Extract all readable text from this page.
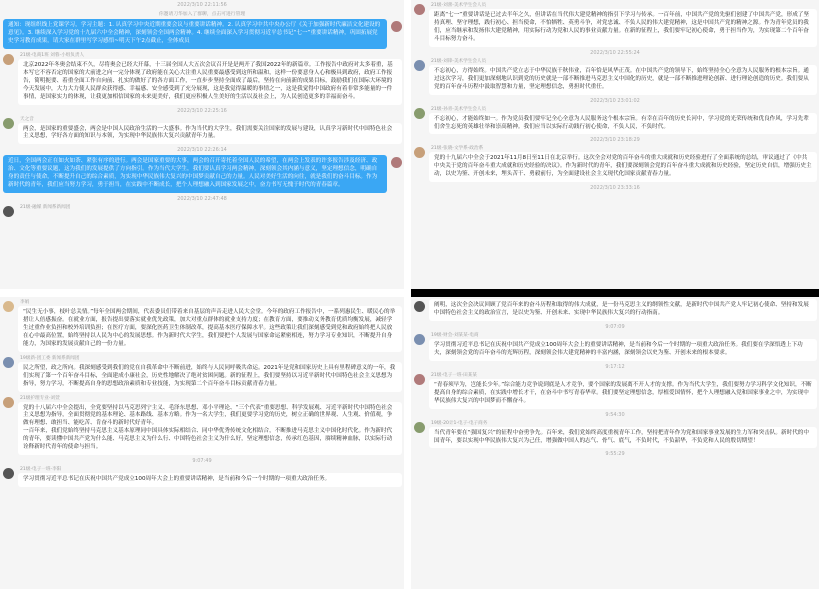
2022/3/10 22:11:56
你邀请刀华加入了群聊，点击可进行管理
通知：现组织线上党课学习，学习主题：1. 认真学习中央近期重要会议与重要讲话精神。2. 认真学习中共中央办公厅《关于加强新时代廉洁文化建设的意见》。3. 继续深入学习党的十九届六中全会精神，深刻领会全国两会精神。4. 继续全面深入学习贯彻习近平总书记“七一”重要讲话精神，巩固拓展党史学习教育成果，请大家在群里写学习感悟~明天下午2点截止，全体成员
21级-电商1班 刘蓉-小组负责人
北京2022年冬奥会结束不久，尽将奥会已经大开幕，十三届全国人大五次会议召开是是两开了我国2022年的新篇章。工作报告中政府对太多着重，基本写它不容否定的国家的大前进之向一完分体现了政府能在关心大注重人民重要最感受到这所和温和，这样一份要意身人心和极具到政府，政府工作报告，简明扼要、着重全面工作自向前、扎实的做好了的各方面工作，一直步步坚持全面成了最后，坚持在向前新的成果目标，鼓励我们在国际大环境的今天发展中，大力大力使人民群众获得感、幸福感、安全感受到了充分展现，这是我觉得温暖的事情之一，这是我觉得中国政府有着非常多能量的一件事情，是国家实力的体现，让我更加相信国家的未来更美好，我们更应积极人生美好的生活以及社会上，为人民创造更多的幸福而奋斗。
2022/3/10 22:25:16
天之音
两会，是国家的重要盛会，两会是中国人民政治生活的一大盛事。作为当代的大学生，我们需要关注国家的发展与建设，认真学习新时代中国特色社会主义思想，学好各方面的知识与本领，为实现中华民族伟大复兴贡献青年力量。
2022/3/10 22:26:14
近日，全国两会正在如火如荼、紧张有序的进行。两会是国家重要的大事，两会的召开寄托着全国人民的希望，在两会上发表的许多报告涉及经济、政治、文化等重要议题，这为我们的发展提供了方向指引。作为当代大学生，我们要认真学习两会精神，深刻领会其内涵与意义，坚定理想信念，明确自身的责任与使命，不断提升自己的综合素质，为实现中华民族伟大复兴的中国梦贡献自己的力量。人民对美好生活的向往，就是我们的奋斗目标。作为新时代的青年，我们应当努力学习，勇于担当，在实践中不断成长，把个人理想融入到国家发展之中，奋力书写无愧于时代的青春篇章。
2022/3/10 22:47:48
21级-融媒 新闻系新闻团
李娟
“民生无小事，枝叶总关情。”每年全国两会期间，代表委员们带着来自基层的声音走进人民大会堂。今年的政府工作报告中，一系列惠民生、暖民心的举措让人倍感振奋。在就业方面，报告提出要落实就业优先政策，加大对重点群体的就业支持力度；在教育方面，要推动义务教育优质均衡发展，减轻学生过重作业负担和校外培训负担；在医疗方面，要深化医药卫生体制改革，提高基本医疗保障水平。这些政策让我们深刻感受到党和政府始终把人民放在心中最高位置，始终坚持以人民为中心的发展思想。作为新时代大学生，我们要把个人发展与国家命运紧密相连，努力学习专业知识，不断提升自身能力，为国家的发展贡献自己的一份力量。
19级新-团工委 新闻系新闻团
民之所望，政之所向。我深刻感受到我们的党在自我革命中不断前进，始终与人民同呼吸共命运。2021年是党和国家历史上具有里程碑意义的一年，我们实现了第一个百年奋斗目标，全面建成小康社会，历史性地解决了绝对贫困问题。新的征程上，我们要坚持以习近平新时代中国特色社会主义思想为指导，努力学习，不断提高自身的思想政治素质和专业技能，为实现第二个百年奋斗目标贡献青春力量。
21级护理专业-刘萱
党的十八届六中全会提出，全党要坚持以马克思列宁主义、毛泽东思想、邓小平理论、“三个代表”重要思想、科学发展观、习近平新时代中国特色社会主义思想为指导，全面贯彻党的基本理论、基本路线、基本方略。作为一名大学生，我们更要学习党的历史，树立正确的世界观、人生观、价值观，争做有理想、敢担当、能吃苦、肯奋斗的新时代好青年。
一百年来，我们党始终坚持马克思主义基本原理同中国具体实际相结合、同中华优秀传统文化相结合，不断推进马克思主义中国化时代化。作为新时代的青年，要读懂中国共产党为什么能、马克思主义为什么行、中国特色社会主义为什么好，坚定理想信念，传承红色基因，赓续精神血脉，以实际行动诠释新时代青年的使命与担当。
9:07:49
21级-电子一班-李阳
学习贯彻习近平总书记在庆祝中国共产党成立100周年大会上的重要讲话精神，是当前和今后一个时期的一项重大政治任务。
21级-刘蕾-美术学生会人员
距离“七一”重要讲话是已过去半年之久，但讲话在当代伟大建党精神的指引下学习与传承。一百年前，中国共产党的先驱们创建了中国共产党，形成了坚持真理、坚守理想，践行初心、担当使命，不怕牺牲、英勇斗争，对党忠诚、不负人民的伟大建党精神，这是中国共产党的精神之源。作为青年党员的我们，应当继承和发扬伟大建党精神，用实际行动为党和人民的事业贡献力量。在新的征程上，我们要牢记初心使命，勇于担当作为，为实现第二个百年奋斗目标努力奋斗。
2022/3/10 22:55:24
21级-刘锋-美术学生会人员
不忘初心，方得始终。中国共产党立志于中华民族千秋伟业，百年恰是风华正茂。在中国共产党的领导下，始终坚持全心全意为人民服务的根本宗旨。通过这次学习，我们更加深刻地认识到党的历史就是一部不断推进马克思主义中国化的历史，就是一部不断推进理论创新、进行理论创造的历史。我们要从党的百年奋斗历程中汲取智慧和力量，坚定理想信念，勇担时代重任。
2022/3/10 23:01:02
21级-孙青-美术学生会人员
不忘初心，才能始终如一。作为党员我们要牢记全心全意为人民服务这个根本宗旨。有幸在百年的历史长河中，学习党的光荣传统和优良作风，学习先辈们舍生忘死的英雄壮举和崇高精神。我们应当以实际行动践行初心使命，不负人民，不负时代。
2022/3/10 23:18:29
21级-张晓-文学系-政治系
党的十九届六中全会于2021年11月8日至11日在北京举行。这次全会对党的百年奋斗的重大成就和历史经验进行了全面系统的总结，审议通过了《中共中央关于党的百年奋斗重大成就和历史经验的决议》。作为新时代的青年，我们要深刻领会党的百年奋斗重大成就和历史经验，坚定历史自信，增强历史主动，以史为鉴、开创未来，埋头苦干、勇毅前行，为全面建设社会主义现代化国家贡献青春力量。
2022/3/10 23:33:16
阐明，这次全会决议回顾了党百年来的奋斗历程和取得的伟大成就，是一份马克思主义的纲领性文献，是新时代中国共产党人牢记初心使命、坚持和发展中国特色社会主义的政治宣言，是以史为鉴、开创未来、实现中华民族伟大复兴的行动指南。
9:07:09
19级-财会-刘某某-电商
学习贯彻习近平总书记在庆祝中国共产党成立100周年大会上的重要讲话精神，是当前和今后一个时期的一项重大政治任务。我们要在学深悟透上下功夫，深刻领会党的百年奋斗的光辉历程，深刻领会伟大建党精神的丰富内涵，深刻领会以史为鉴、开创未来的根本要求。
9:17:12
21级-电子一班-田某某
“青春须早为，岂能长少年。”综合能力竞争说到底是人才竞争，要个国家的发展离不开人才的支撑。作为当代大学生，我们要努力学习科学文化知识，不断提高自身的综合素质，在实践中增长才干，在奋斗中书写青春华章。我们要坚定理想信念，厚植爱国情怀，把个人理想融入党和国家事业之中，为实现中华民族伟大复兴的中国梦而不懈奋斗。
9:54:30
19级-20计1-电子-电子商务
当代青年要在“强国复兴”的征程中奋勇争先。百年来，我们党始终高度重视青年工作，坚持把青年作为党和国家事业发展的生力军和突击队。新时代的中国青年，要以实现中华民族伟大复兴为己任，增强做中国人的志气、骨气、底气，不负时代，不负韶华，不负党和人民的殷切期望！
9:55:29
